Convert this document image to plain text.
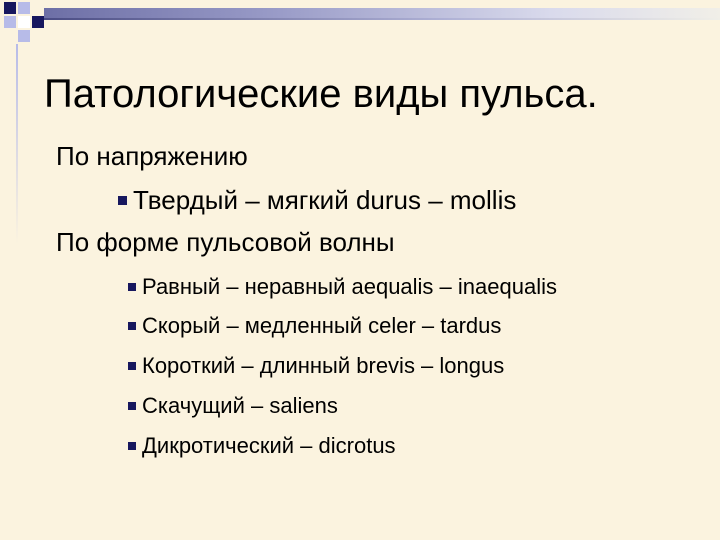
Патологические виды пульса.
По напряжению
Твердый – мягкий durus – mollis
По форме пульсовой волны
Равный – неравный aequalis – inaequalis
Скорый – медленный celer – tardus
Короткий – длинный brevis – longus
Скачущий – saliens
Дикротический – dicrotus
